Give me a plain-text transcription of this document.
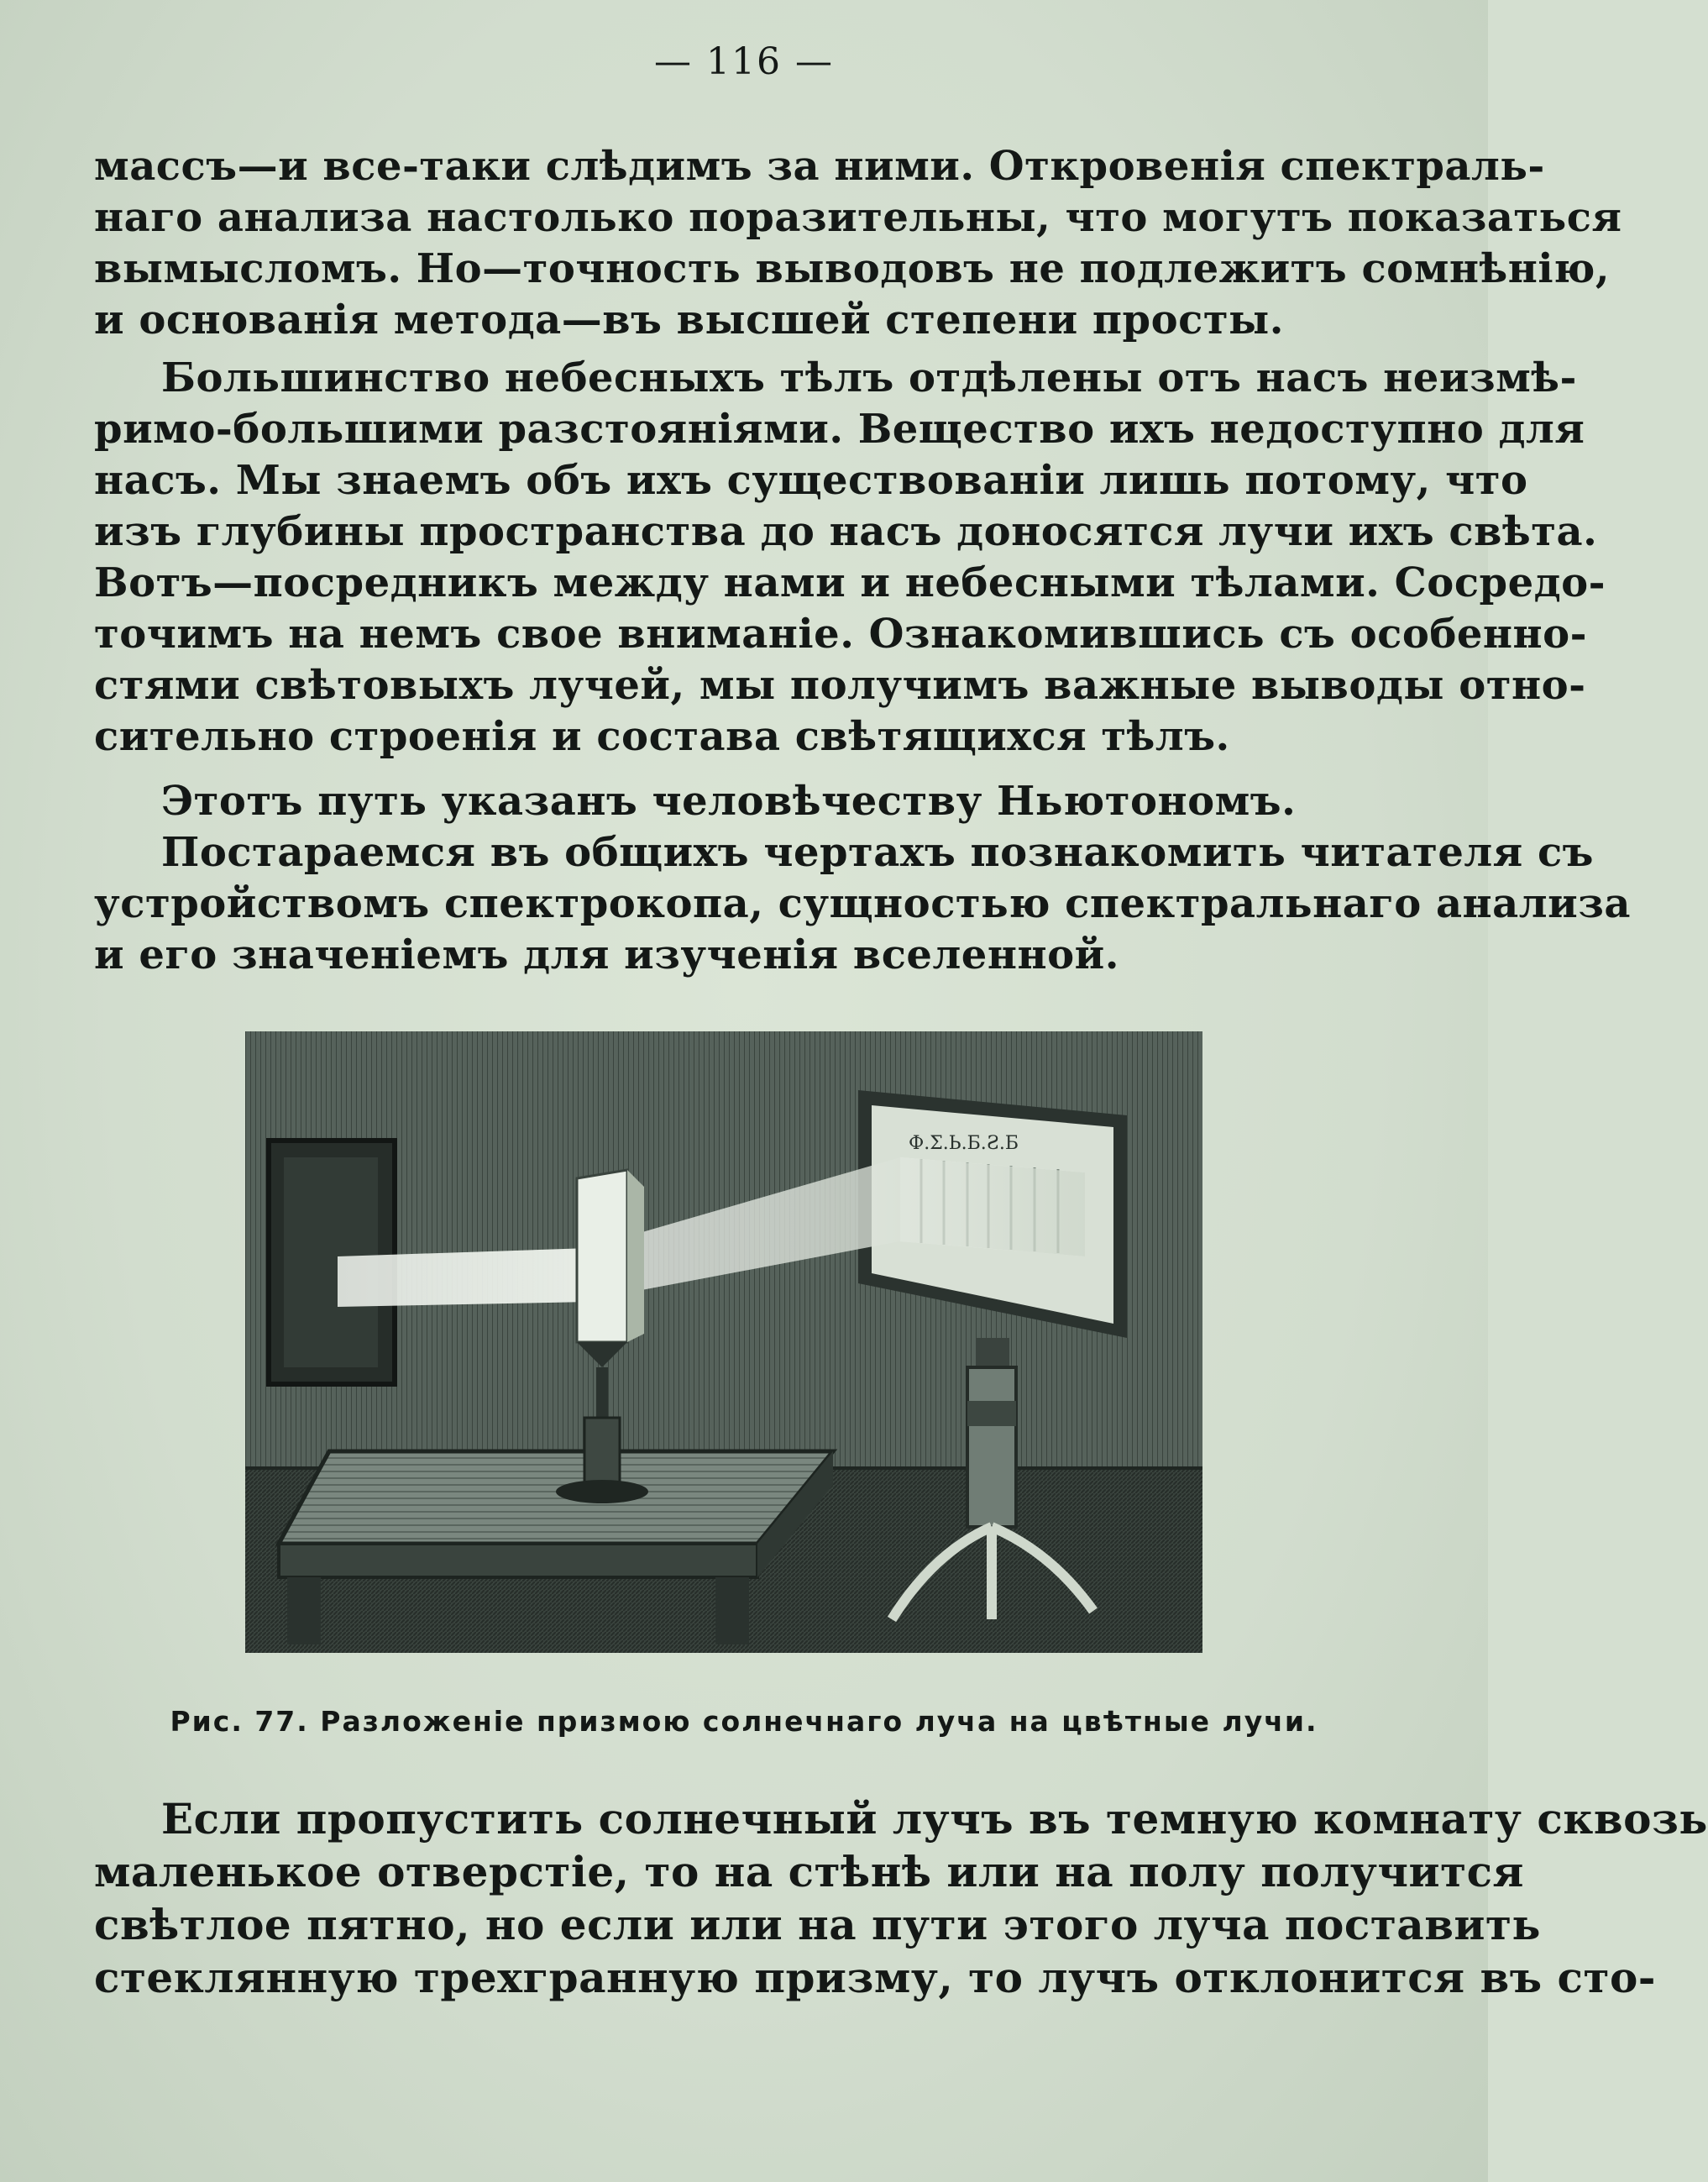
— 116 —
массъ—и все-таки слѣдимъ за ними. Откровенія спектраль-
наго анализа настолько поразительны, что могутъ показаться
вымысломъ. Но—точность выводовъ не подлежитъ сомнѣнію,
и основанія метода—въ высшей степени просты.
Большинство небесныхъ тѣлъ отдѣлены отъ насъ неизмѣ-
римо-большими разстояніями. Вещество ихъ недоступно для
насъ. Мы знаемъ объ ихъ существованіи лишь потому, что
изъ глубины пространства до насъ доносятся лучи ихъ свѣта.
Вотъ—посредникъ между нами и небесными тѣлами. Сосредо-
точимъ на немъ свое вниманіе. Ознакомившись съ особенно-
стями свѣтовыхъ лучей, мы получимъ важные выводы отно-
сительно строенія и состава свѣтящихся тѣлъ.
Этотъ путь указанъ человѣчеству Ньютономъ.
Постараемся въ общихъ чертахъ познакомить читателя съ
устройствомъ спектрокопа, сущностью спектральнаго анализа
и его значеніемъ для изученія вселенной.
Ф.Ʃ.Ь.Б.Ƨ.Б
Рис. 77. Разложеніе призмою солнечнаго луча на цвѣтные лучи.
Если пропустить солнечный лучъ въ темную комнату сквозь
маленькое отверстіе, то на стѣнѣ или на полу получится
свѣтлое пятно, но если или на пути этого луча поставить
стеклянную трехгранную призму, то лучъ отклонится въ сто-
